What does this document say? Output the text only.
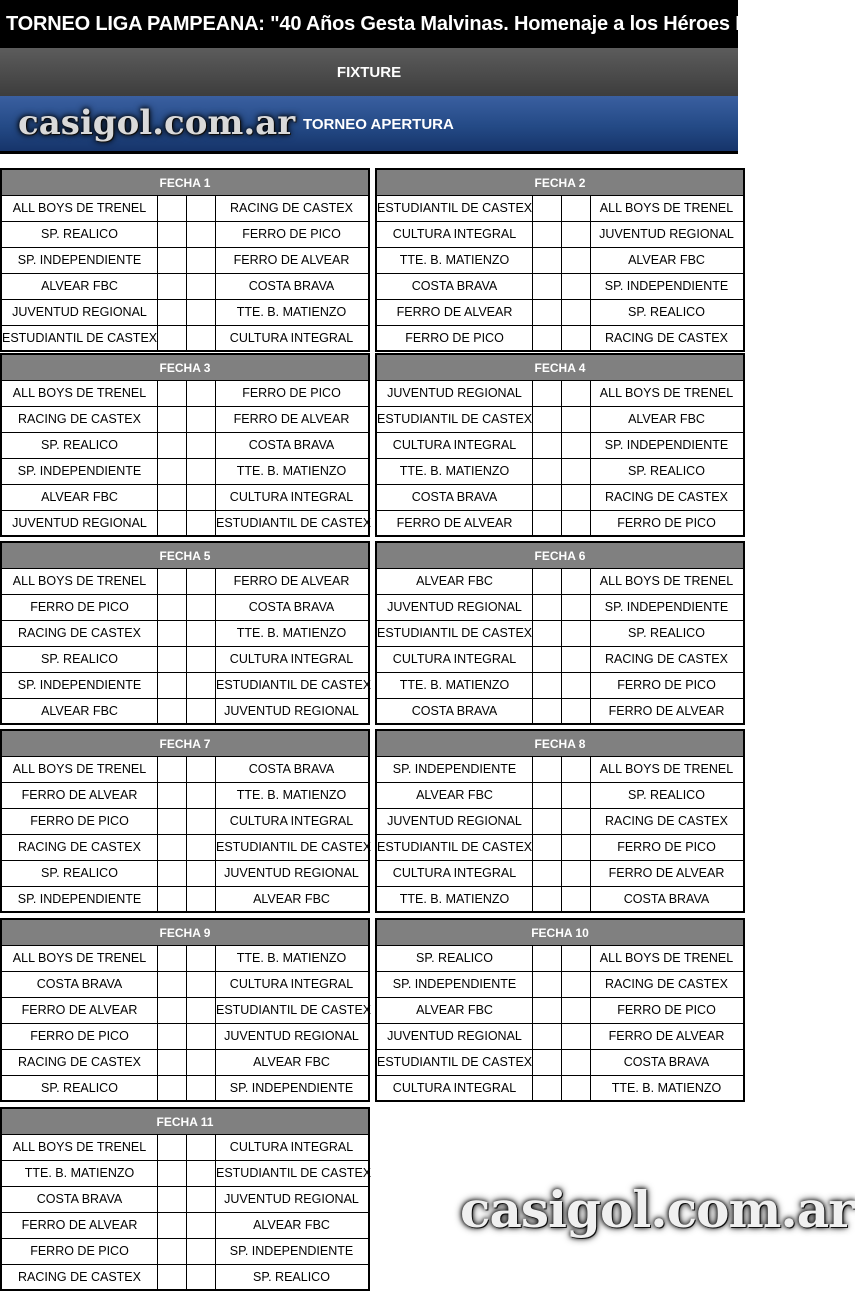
TORNEO LIGA PAMPEANA: "40 Años Gesta Malvinas. Homenaje a los Héroes Pampeanos"
FIXTURE
casigol.com.ar TORNEO APERTURA
FECHA 1
ALL BOYS DE TRENEL	RACING DE CASTEX
SP. REALICO	FERRO DE PICO
SP. INDEPENDIENTE	FERRO DE ALVEAR
ALVEAR FBC	COSTA BRAVA
JUVENTUD REGIONAL	TTE. B. MATIENZO
ESTUDIANTIL DE CASTEX	CULTURA INTEGRAL
FECHA 2
ESTUDIANTIL DE CASTEX	ALL BOYS DE TRENEL
CULTURA INTEGRAL	JUVENTUD REGIONAL
TTE. B. MATIENZO	ALVEAR FBC
COSTA BRAVA	SP. INDEPENDIENTE
FERRO DE ALVEAR	SP. REALICO
FERRO DE PICO	RACING DE CASTEX
FECHA 3
ALL BOYS DE TRENEL	FERRO DE PICO
RACING DE CASTEX	FERRO DE ALVEAR
SP. REALICO	COSTA BRAVA
SP. INDEPENDIENTE	TTE. B. MATIENZO
ALVEAR FBC	CULTURA INTEGRAL
JUVENTUD REGIONAL	ESTUDIANTIL DE CASTEX
FECHA 4
JUVENTUD REGIONAL	ALL BOYS DE TRENEL
ESTUDIANTIL DE CASTEX	ALVEAR FBC
CULTURA INTEGRAL	SP. INDEPENDIENTE
TTE. B. MATIENZO	SP. REALICO
COSTA BRAVA	RACING DE CASTEX
FERRO DE ALVEAR	FERRO DE PICO
FECHA 5
ALL BOYS DE TRENEL	FERRO DE ALVEAR
FERRO DE PICO	COSTA BRAVA
RACING DE CASTEX	TTE. B. MATIENZO
SP. REALICO	CULTURA INTEGRAL
SP. INDEPENDIENTE	ESTUDIANTIL DE CASTEX
ALVEAR FBC	JUVENTUD REGIONAL
FECHA 6
ALVEAR FBC	ALL BOYS DE TRENEL
JUVENTUD REGIONAL	SP. INDEPENDIENTE
ESTUDIANTIL DE CASTEX	SP. REALICO
CULTURA INTEGRAL	RACING DE CASTEX
TTE. B. MATIENZO	FERRO DE PICO
COSTA BRAVA	FERRO DE ALVEAR
FECHA 7
ALL BOYS DE TRENEL	COSTA BRAVA
FERRO DE ALVEAR	TTE. B. MATIENZO
FERRO DE PICO	CULTURA INTEGRAL
RACING DE CASTEX	ESTUDIANTIL DE CASTEX
SP. REALICO	JUVENTUD REGIONAL
SP. INDEPENDIENTE	ALVEAR FBC
FECHA 8
SP. INDEPENDIENTE	ALL BOYS DE TRENEL
ALVEAR FBC	SP. REALICO
JUVENTUD REGIONAL	RACING DE CASTEX
ESTUDIANTIL DE CASTEX	FERRO DE PICO
CULTURA INTEGRAL	FERRO DE ALVEAR
TTE. B. MATIENZO	COSTA BRAVA
FECHA 9
ALL BOYS DE TRENEL	TTE. B. MATIENZO
COSTA BRAVA	CULTURA INTEGRAL
FERRO DE ALVEAR	ESTUDIANTIL DE CASTEX
FERRO DE PICO	JUVENTUD REGIONAL
RACING DE CASTEX	ALVEAR FBC
SP. REALICO	SP. INDEPENDIENTE
FECHA 10
SP. REALICO	ALL BOYS DE TRENEL
SP. INDEPENDIENTE	RACING DE CASTEX
ALVEAR FBC	FERRO DE PICO
JUVENTUD REGIONAL	FERRO DE ALVEAR
ESTUDIANTIL DE CASTEX	COSTA BRAVA
CULTURA INTEGRAL	TTE. B. MATIENZO
FECHA 11
ALL BOYS DE TRENEL	CULTURA INTEGRAL
TTE. B. MATIENZO	ESTUDIANTIL DE CASTEX
COSTA BRAVA	JUVENTUD REGIONAL
FERRO DE ALVEAR	ALVEAR FBC
FERRO DE PICO	SP. INDEPENDIENTE
RACING DE CASTEX	SP. REALICO
casigol.com.ar
